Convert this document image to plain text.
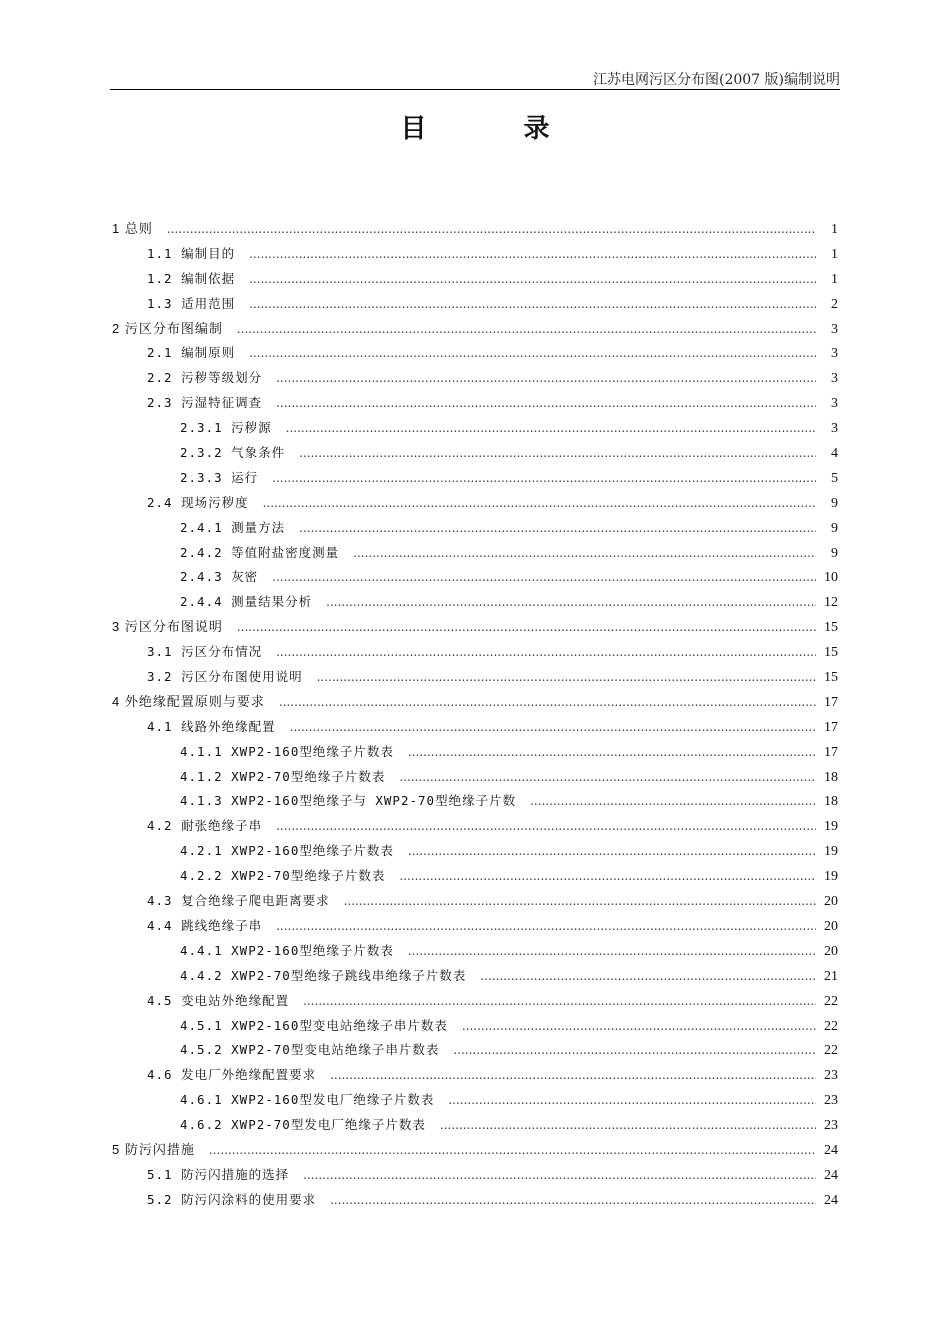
江苏电网污区分布图(2007 版)编制说明
目 录
1 总则 .....	1
1.1 编制目的 .....	1
1.2 编制依据 .....	1
1.3 适用范围 .....	2
2 污区分布图编制 .....	3
2.1 编制原则 .....	3
2.2 污秽等级划分 .....	3
2.3 污湿特征调查 .....	3
2.3.1 污秽源 .....	3
2.3.2 气象条件 .....	4
2.3.3 运行 .....	5
2.4 现场污秽度 .....	9
2.4.1 测量方法 .....	9
2.4.2 等值附盐密度测量 .....	9
2.4.3 灰密 .....	10
2.4.4 测量结果分析 .....	12
3 污区分布图说明 .....	15
3.1 污区分布情况 .....	15
3.2 污区分布图使用说明 .....	15
4 外绝缘配置原则与要求 .....	17
4.1 线路外绝缘配置 .....	17
4.1.1 XWP2-160型绝缘子片数表 .....	17
4.1.2 XWP2-70型绝缘子片数表 .....	18
4.1.3 XWP2-160型绝缘子与 XWP2-70型绝缘子片数 .....	18
4.2 耐张绝缘子串 .....	19
4.2.1 XWP2-160型绝缘子片数表 .....	19
4.2.2 XWP2-70型绝缘子片数表 .....	19
4.3 复合绝缘子爬电距离要求 .....	20
4.4 跳线绝缘子串 .....	20
4.4.1 XWP2-160型绝缘子片数表 .....	20
4.4.2 XWP2-70型绝缘子跳线串绝缘子片数表 .....	21
4.5 变电站外绝缘配置 .....	22
4.5.1 XWP2-160型变电站绝缘子串片数表 .....	22
4.5.2 XWP2-70型变电站绝缘子串片数表 .....	22
4.6 发电厂外绝缘配置要求 .....	23
4.6.1 XWP2-160型发电厂绝缘子片数表 .....	23
4.6.2 XWP2-70型发电厂绝缘子片数表 .....	23
5 防污闪措施 .....	24
5.1 防污闪措施的选择 .....	24
5.2 防污闪涂料的使用要求 .....	24
